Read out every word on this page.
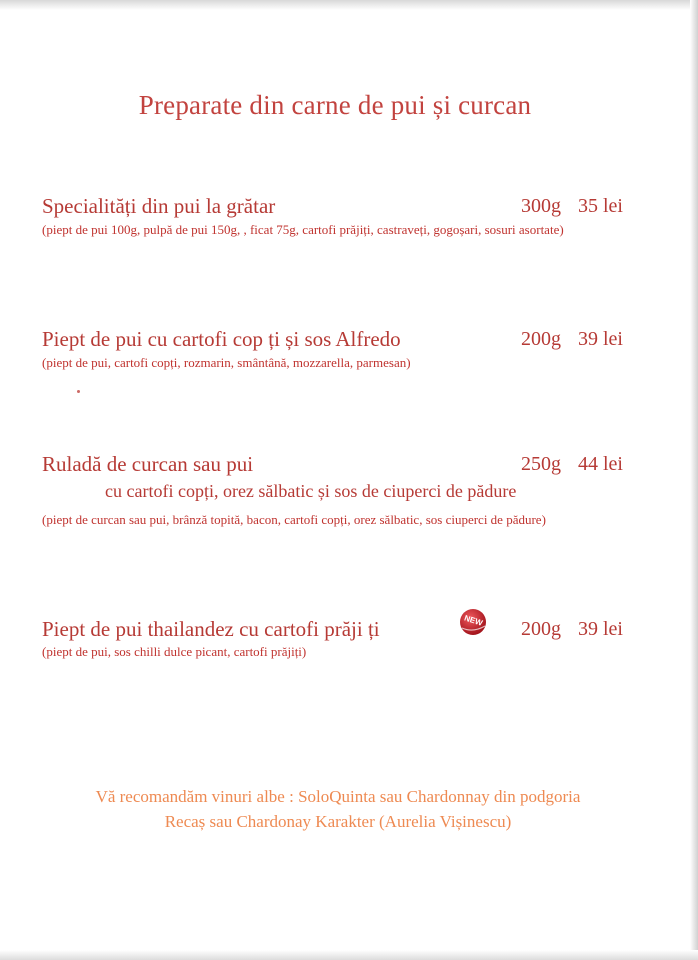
Preparate din carne de pui și curcan
Specialități din pui la grătar	300g 35 lei
(piept de pui 100g, pulpă de pui 150g, , ficat 75g, cartofi prăjiți, castraveți, gogoșari, sosuri asortate)
Piept de pui cu cartofi cop ți și sos Alfredo	200g 39 lei
(piept de pui, cartofi copți, rozmarin, smântână, mozzarella, parmesan)
Ruladă de curcan sau pui	250g 44 lei
cu cartofi copți, orez sălbatic și sos de ciuperci de pădure
(piept de curcan sau pui, brânză topită, bacon, cartofi copți, orez sălbatic, sos ciuperci de pădure)
Piept de pui thailandez cu cartofi prăji ți	NEW 200g 39 lei
(piept de pui, sos chilli dulce picant, cartofi prăjiți)
Vă recomandăm vinuri albe : SoloQuinta sau Chardonnay din podgoria
Recaș sau Chardonay Karakter (Aurelia Vișinescu)
